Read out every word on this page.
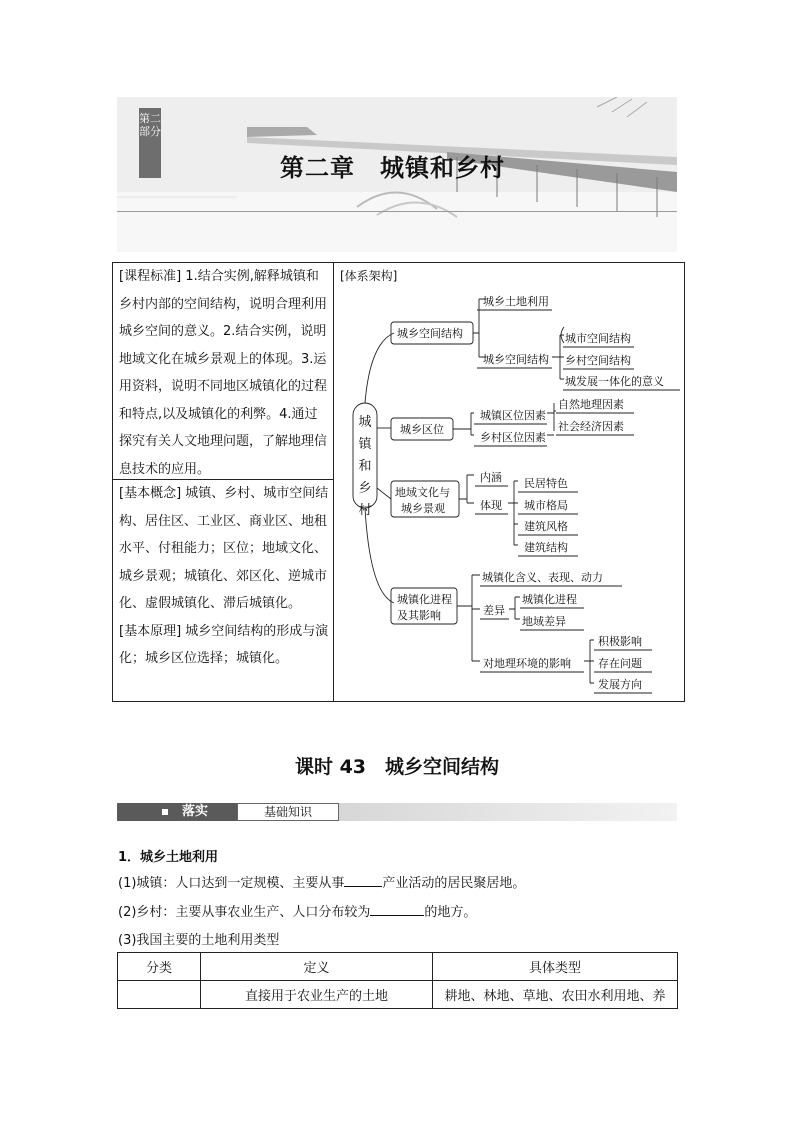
第二部分
第二章　城镇和乡村
[课程标准] 1.结合实例,解释城镇和乡村内部的空间结构，说明合理利用城乡空间的意义。2.结合实例，说明地域文化在城乡景观上的体现。3.运用资料，说明不同地区城镇化的过程和特点,以及城镇化的利弊。4.通过探究有关人文地理问题，了解地理信息技术的应用。
[基本概念] 城镇、乡村、城市空间结构、居住区、工业区、商业区、地租水平、付租能力；区位；地域文化、城乡景观；城镇化、郊区化、逆城市化、虚假城镇化、滞后城镇化。
[基本原理] 城乡空间结构的形成与演化；城乡区位选择；城镇化。
[体系架构]
城
镇
和
乡
村
城乡空间结构
城乡土地利用
城乡空间结构
城市空间结构
乡村空间结构
城发展一体化的意义
城乡区位
城镇区位因素
乡村区位因素
自然地理因素
社会经济因素
地域文化与
城乡景观
内涵
体现
民居特色
城市格局
建筑风格
建筑结构
城镇化进程
及其影响
城镇化含义、表现、动力
差异
城镇化进程
地域差异
对地理环境的影响
积极影响
存在问题
发展方向
课时 43　城乡空间结构
落实	基础知识
1．城乡土地利用
(1)城镇：人口达到一定规模、主要从事	产业活动的居民聚居地。
(2)乡村：主要从事农业生产、人口分布较为	的地方。
(3)我国主要的土地利用类型
分类	定义	具体类型
	直接用于农业生产的土地	耕地、林地、草地、农田水利用地、养
